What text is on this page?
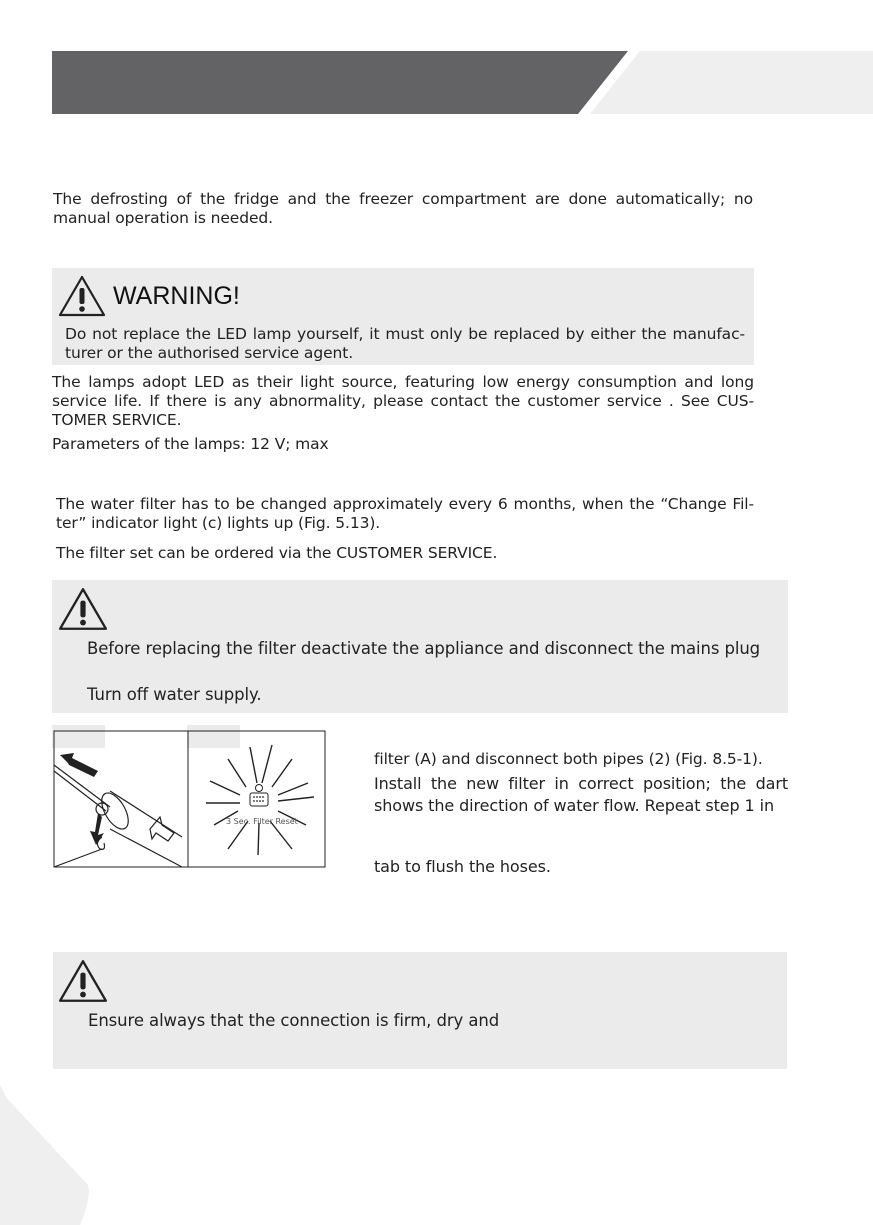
The defrosting of the fridge and the freezer compartment are done automatically; no manual operation is needed.
WARNING!
Do not replace the LED lamp yourself, it must only be replaced by either the manufac-turer or the authorised service agent.
The lamps adopt LED as their light source, featuring low energy consumption and long service life. If there is any abnormality, please contact the customer service . See CUS-TOMER SERVICE.
Parameters of the lamps: 12 V; max
The water filter has to be changed approximately every 6 months, when the “Change Fil-ter” indicator light (c) lights up (Fig. 5.13).
The filter set can be ordered via the CUSTOMER SERVICE.
Before replacing the filter deactivate the appliance and disconnect the mains plug
Turn off water supply.
3 Sec. Filter Reset
filter (A) and disconnect both pipes (2) (Fig. 8.5-1).
Install the new filter in correct position; the dart shows the direction of water flow. Repeat step 1 in
tab to flush the hoses.
Ensure always that the connection is firm, dry and
